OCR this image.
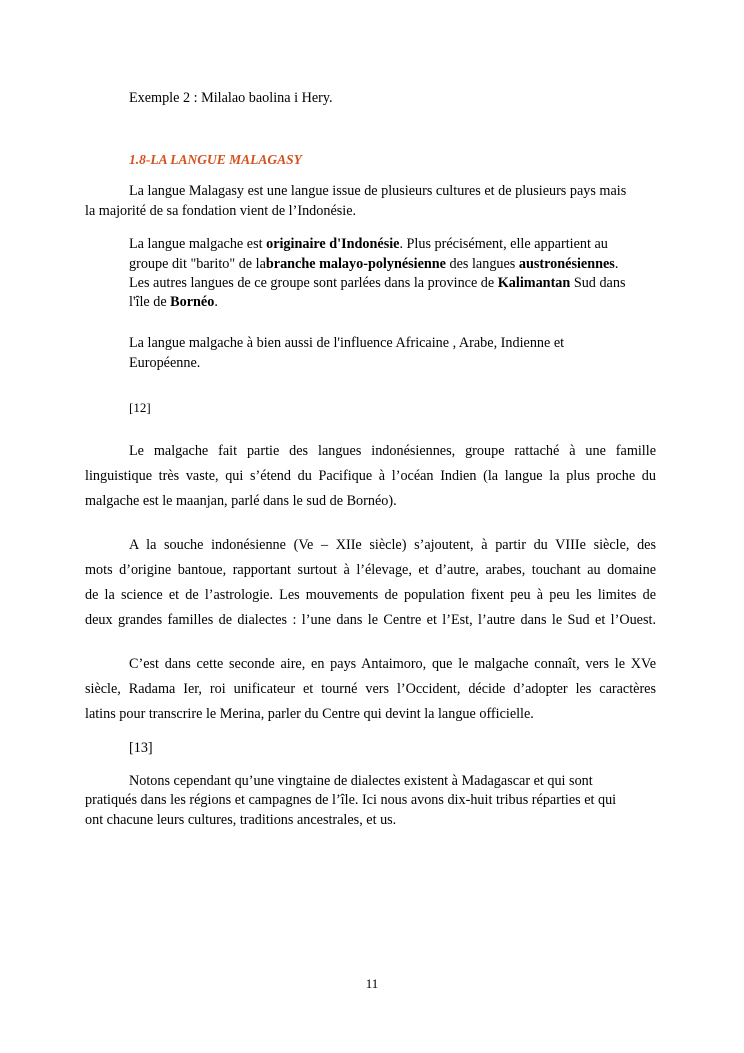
Exemple 2 : Milalao baolina i Hery.

1.8-LA LANGUE MALAGASY

La langue Malagasy est une langue issue de plusieurs cultures et de plusieurs pays mais

la majorité de sa fondation vient de l’Indonésie.

La langue malgache est originaire d'Indonésie. Plus précisément, elle appartient au

groupe dit "barito" de labranche malayo-polynésienne des langues austronésiennes.

Les autres langues de ce groupe sont parlées dans la province de Kalimantan Sud dans

l'île de Bornéo.

La langue malgache à bien aussi de l'influence Africaine , Arabe, Indienne et

Européenne.

[12]

Le malgache fait partie des langues indonésiennes, groupe rattaché à une famille

linguistique très vaste, qui s’étend du Pacifique à l’océan Indien (la langue la plus proche du

malgache est le maanjan, parlé dans le sud de Bornéo).

A la souche indonésienne (Ve – XIIe siècle) s’ajoutent, à partir du VIIIe siècle, des

mots d’origine bantoue, rapportant surtout à l’élevage, et d’autre, arabes, touchant au domaine

de la science et de l’astrologie. Les mouvements de population fixent peu à peu les limites de

deux grandes familles de dialectes : l’une dans le Centre et l’Est, l’autre dans le Sud et l’Ouest.

C’est dans cette seconde aire, en pays Antaimoro, que le malgache connaît, vers le XVe

siècle, Radama Ier, roi unificateur et tourné vers l’Occident, décide d’adopter les caractères

latins pour transcrire le Merina, parler du Centre qui devint la langue officielle.

[13]

Notons cependant qu’une vingtaine de dialectes existent à Madagascar et qui sont

pratiqués dans les régions et campagnes de l’île. Ici nous avons dix-huit tribus réparties et qui

ont chacune leurs cultures, traditions ancestrales, et us.

11
